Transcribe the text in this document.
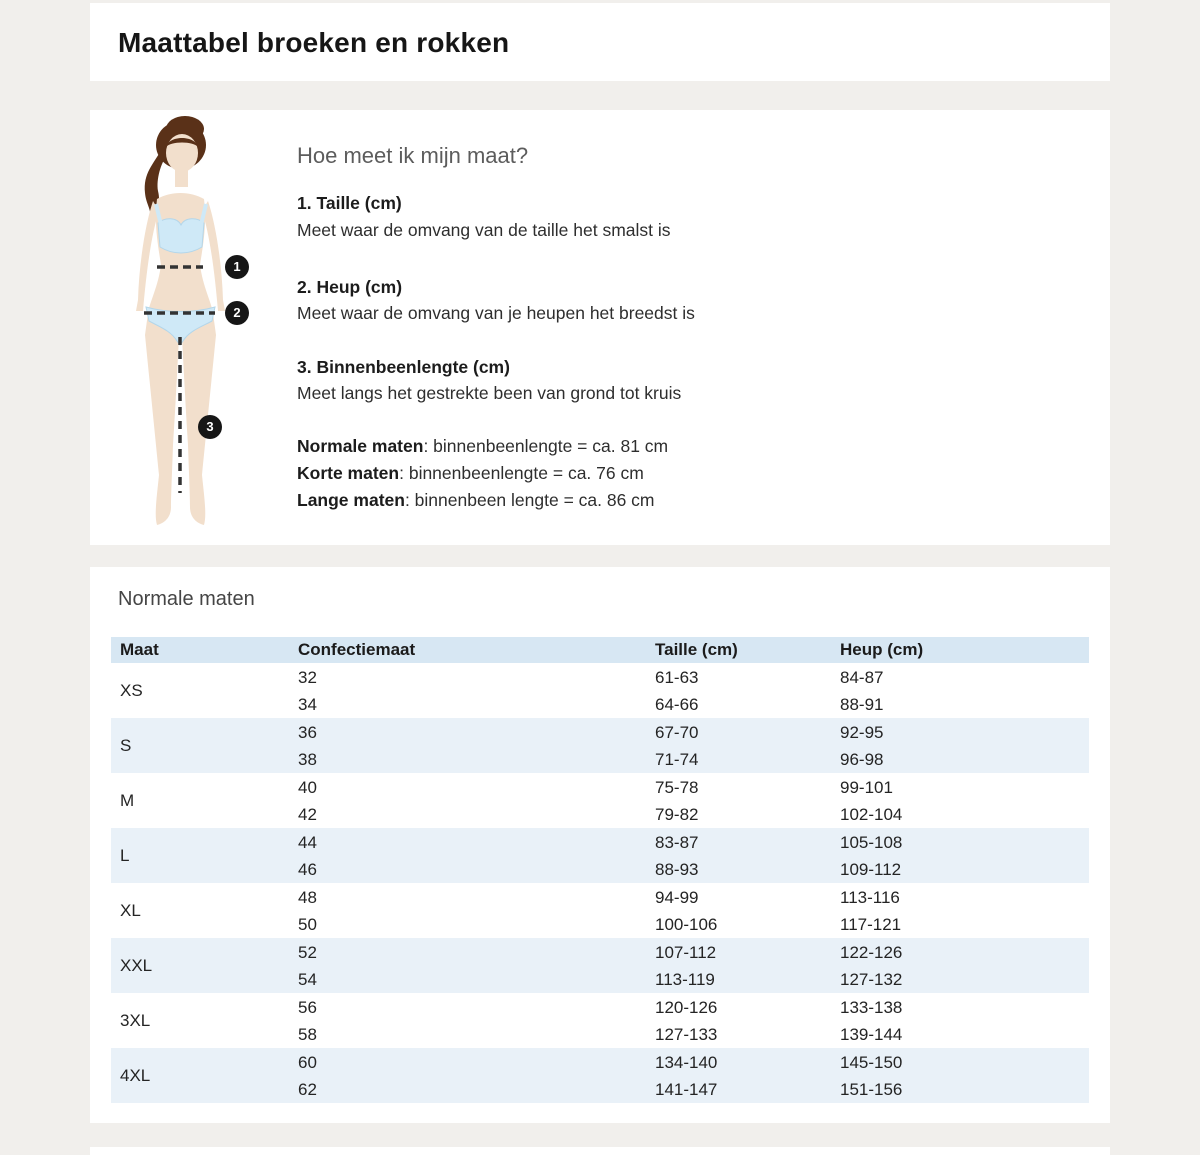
Maattabel broeken en rokken
1
2
3
Hoe meet ik mijn maat?
1. Taille (cm)
Meet waar de omvang van de taille het smalst is
2. Heup (cm)
Meet waar de omvang van je heupen het breedst is
3. Binnenbeenlengte (cm)
Meet langs het gestrekte been van grond tot kruis
Normale maten: binnenbeenlengte = ca. 81 cm
Korte maten: binnenbeenlengte = ca. 76 cm
Lange maten: binnenbeen lengte = ca. 86 cm
Normale maten
Maat	Confectiemaat	Taille (cm)	Heup (cm)
XS
32	61-63	84-87
34	64-66	88-91
S
36	67-70	92-95
38	71-74	96-98
M
40	75-78	99-101
42	79-82	102-104
L
44	83-87	105-108
46	88-93	109-112
XL
48	94-99	113-116
50	100-106	117-121
XXL
52	107-112	122-126
54	113-119	127-132
3XL
56	120-126	133-138
58	127-133	139-144
4XL
60	134-140	145-150
62	141-147	151-156
